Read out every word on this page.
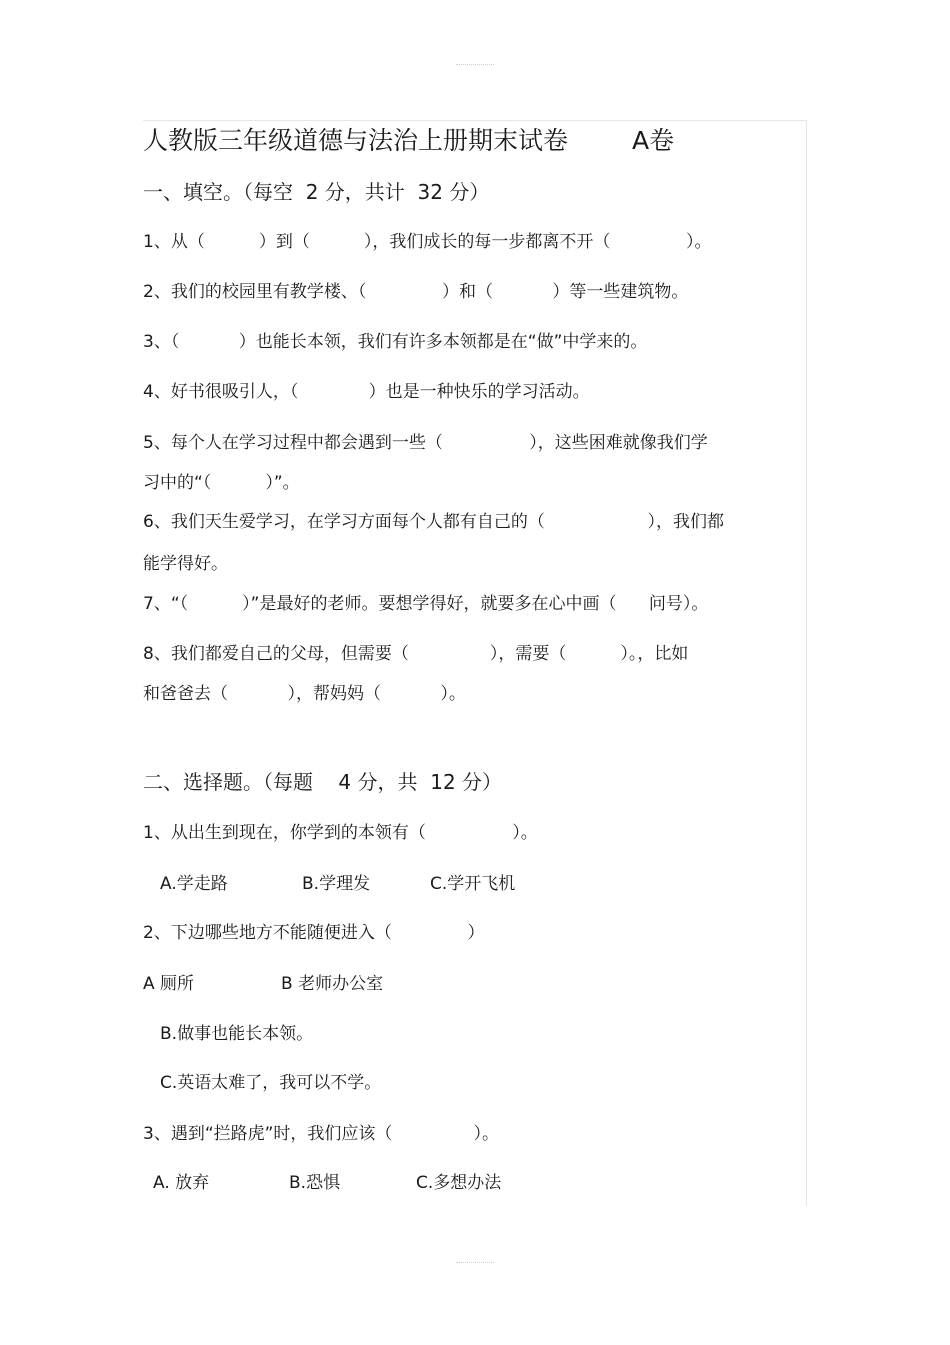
人教版三年级道德与法治上册期末试卷	A卷
一、填空。（每空  2 分，共计  32 分）
1、从（          ）到（          ），我们成长的每一步都离不开（              ）。
2、我们的校园里有教学楼、（              ）和（           ）等一些建筑物。
3、（           ）也能长本领，我们有许多本领都是在“做”中学来的。
4、好书很吸引人，（             ）也是一种快乐的学习活动。
5、每个人在学习过程中都会遇到一些（                ），这些困难就像我们学
习中的“（          ）”。
6、我们天生爱学习，在学习方面每个人都有自己的（                   ），我们都
能学得好。
7、“（          ）”是最好的老师。要想学得好，就要多在心中画（      问号）。
8、我们都爱自己的父母，但需要（               ），需要（          ）。，比如
和爸爸去（           ），帮妈妈（           ）。
二、选择题。（每题    4 分，共  12 分）
1、从出生到现在，你学到的本领有（                ）。
A.学走路	B.学理发	C.学开飞机
2、下边哪些地方不能随便进入（              ）
A 厕所	B 老师办公室
B.做事也能长本领。
C.英语太难了，我可以不学。
3、遇到“拦路虎”时，我们应该（               ）。
A. 放弃	B.恐惧	C.多想办法
